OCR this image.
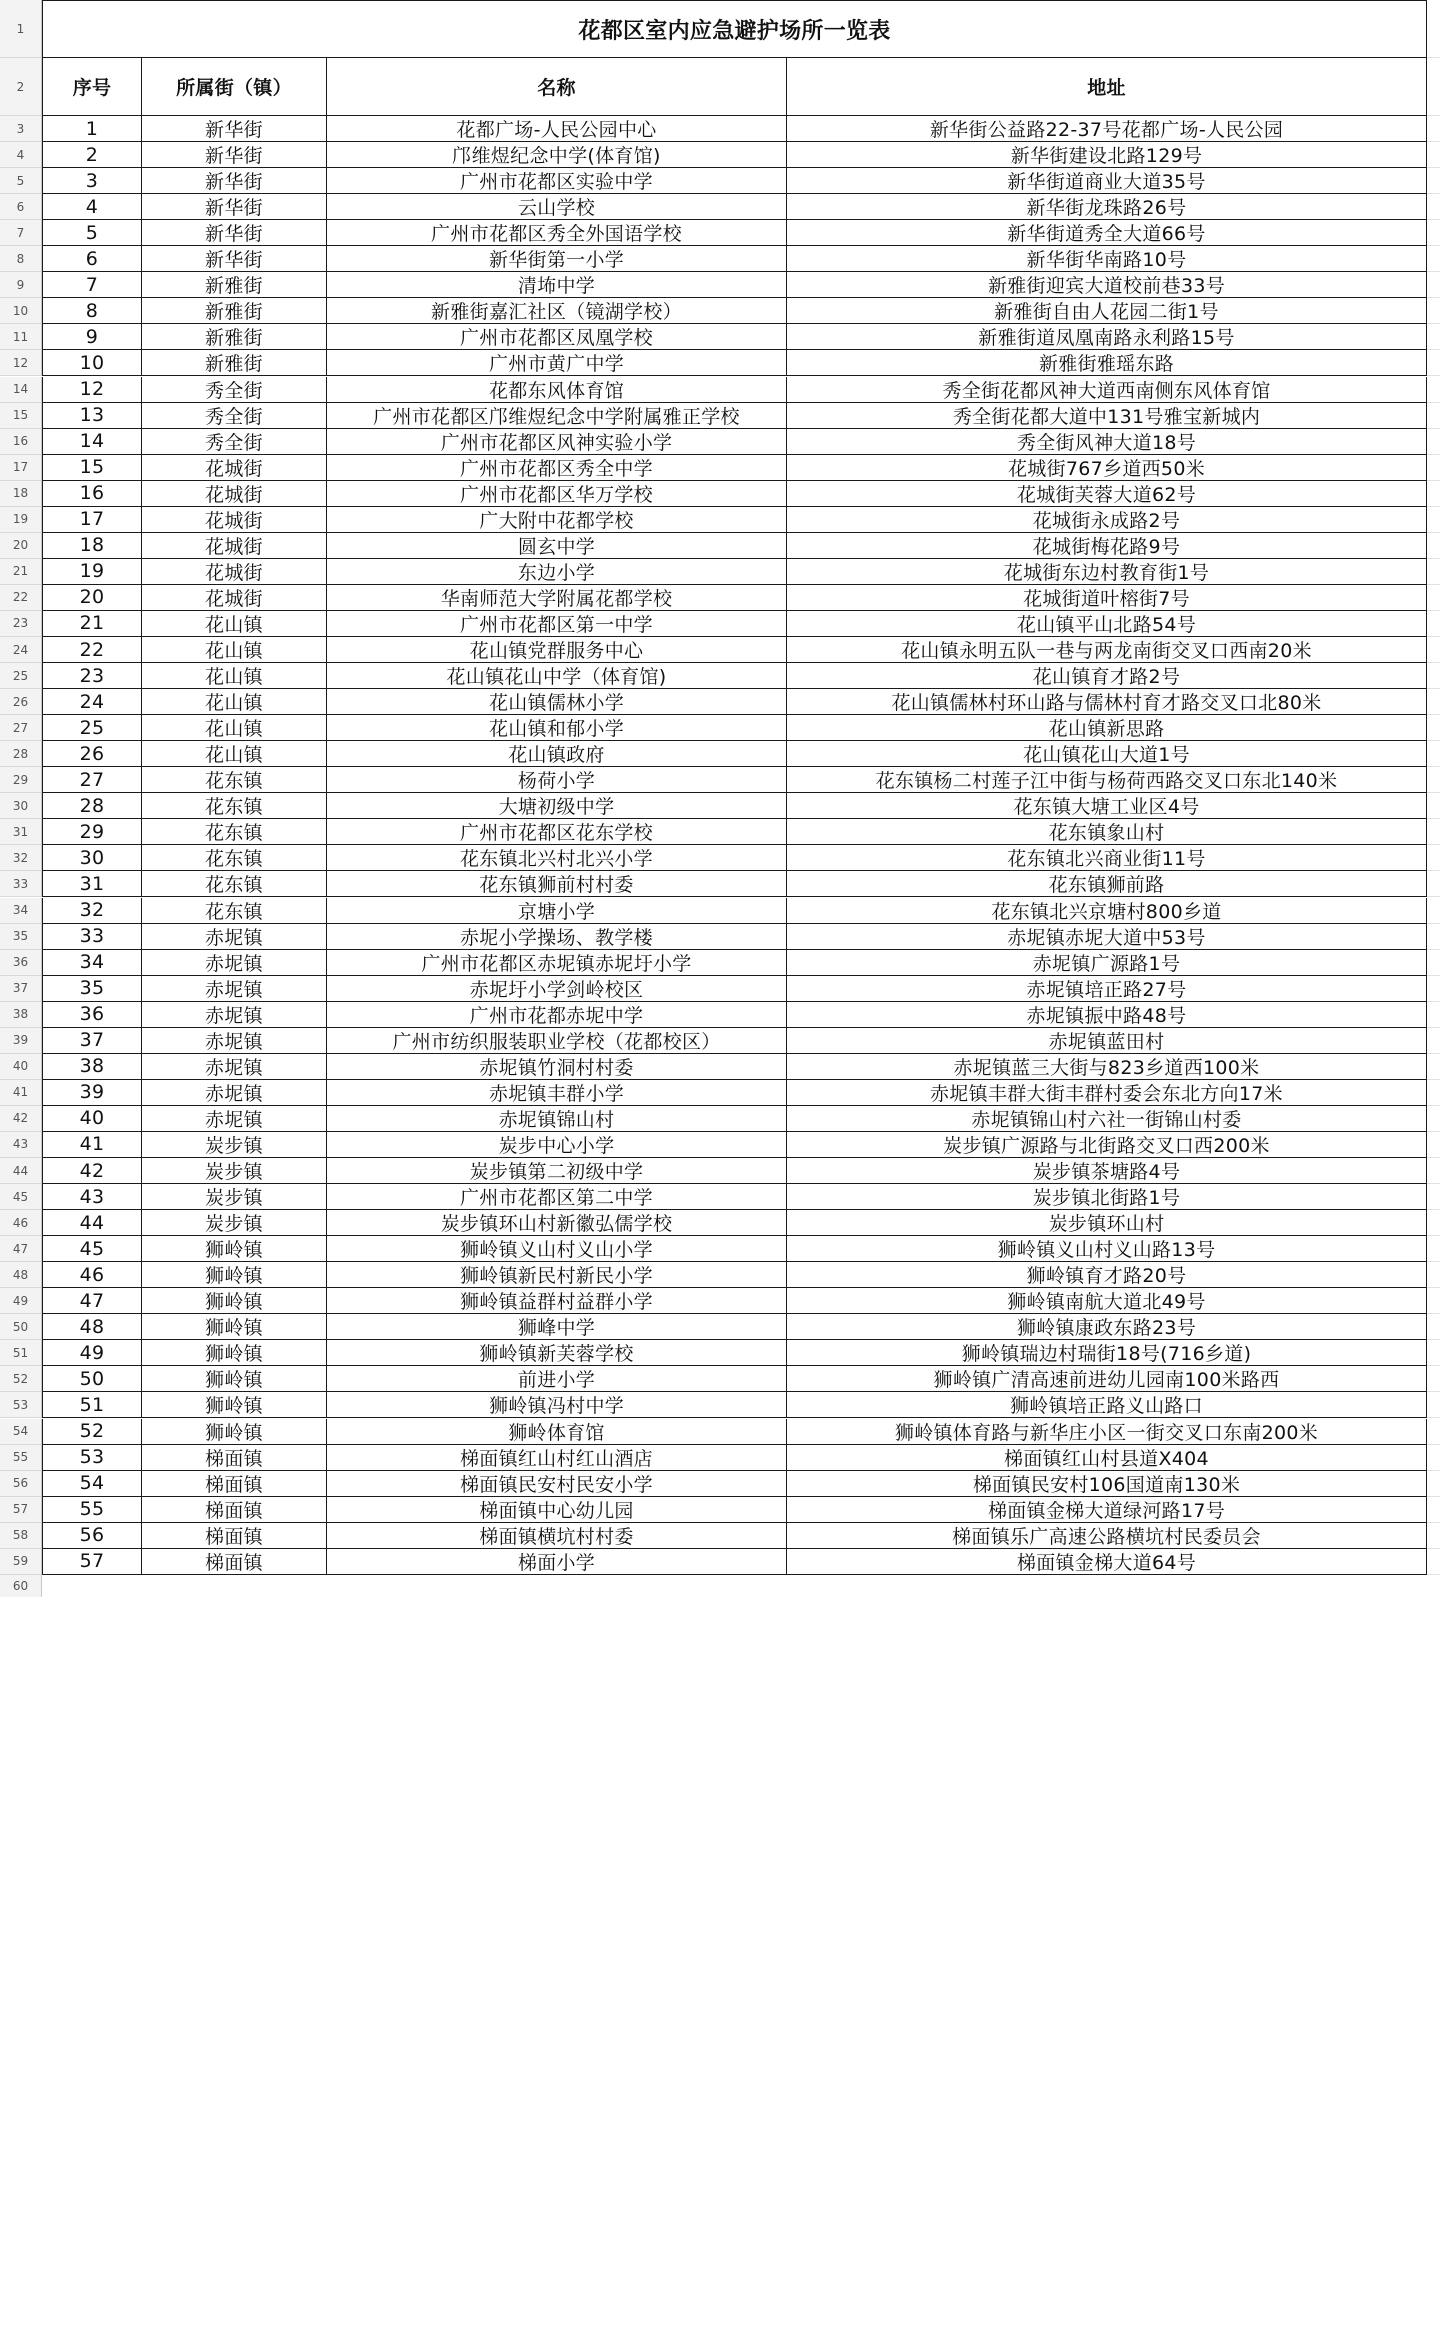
1	花都区室内应急避护场所一览表
2	序号	所属街（镇）	名称	地址
3	1	新华街	花都广场-人民公园中心	新华街公益路22-37号花都广场-人民公园
4	2	新华街	邝维煜纪念中学(体育馆)	新华街建设北路129号
5	3	新华街	广州市花都区实验中学	新华街道商业大道35号
6	4	新华街	云山学校	新华街龙珠路26号
7	5	新华街	广州市花都区秀全外国语学校	新华街道秀全大道66号
8	6	新华街	新华街第一小学	新华街华南路10号
9	7	新雅街	清㘵中学	新雅街迎宾大道校前巷33号
10	8	新雅街	新雅街嘉汇社区（镜湖学校）	新雅街自由人花园二街1号
11	9	新雅街	广州市花都区凤凰学校	新雅街道凤凰南路永利路15号
12	10	新雅街	广州市黄广中学	新雅街雅瑶东路
14	12	秀全街	花都东风体育馆	秀全街花都风神大道西南侧东风体育馆
15	13	秀全街	广州市花都区邝维煜纪念中学附属雅正学校	秀全街花都大道中131号雅宝新城内
16	14	秀全街	广州市花都区风神实验小学	秀全街风神大道18号
17	15	花城街	广州市花都区秀全中学	花城街767乡道西50米
18	16	花城街	广州市花都区华万学校	花城街芙蓉大道62号
19	17	花城街	广大附中花都学校	花城街永成路2号
20	18	花城街	圆玄中学	花城街梅花路9号
21	19	花城街	东边小学	花城街东边村教育街1号
22	20	花城街	华南师范大学附属花都学校	花城街道叶榕街7号
23	21	花山镇	广州市花都区第一中学	花山镇平山北路54号
24	22	花山镇	花山镇党群服务中心	花山镇永明五队一巷与两龙南街交叉口西南20米
25	23	花山镇	花山镇花山中学（体育馆)	花山镇育才路2号
26	24	花山镇	花山镇儒林小学	花山镇儒林村环山路与儒林村育才路交叉口北80米
27	25	花山镇	花山镇和郁小学	花山镇新思路
28	26	花山镇	花山镇政府	花山镇花山大道1号
29	27	花东镇	杨荷小学	花东镇杨二村莲子江中街与杨荷西路交叉口东北140米
30	28	花东镇	大塘初级中学	花东镇大塘工业区4号
31	29	花东镇	广州市花都区花东学校	花东镇象山村
32	30	花东镇	花东镇北兴村北兴小学	花东镇北兴商业街11号
33	31	花东镇	花东镇狮前村村委	花东镇狮前路
34	32	花东镇	京塘小学	花东镇北兴京塘村800乡道
35	33	赤坭镇	赤坭小学操场、教学楼	赤坭镇赤坭大道中53号
36	34	赤坭镇	广州市花都区赤坭镇赤坭圩小学	赤坭镇广源路1号
37	35	赤坭镇	赤坭圩小学剑岭校区	赤坭镇培正路27号
38	36	赤坭镇	广州市花都赤坭中学	赤坭镇振中路48号
39	37	赤坭镇	广州市纺织服装职业学校（花都校区）	赤坭镇蓝田村
40	38	赤坭镇	赤坭镇竹洞村村委	赤坭镇蓝三大街与823乡道西100米
41	39	赤坭镇	赤坭镇丰群小学	赤坭镇丰群大街丰群村委会东北方向17米
42	40	赤坭镇	赤坭镇锦山村	赤坭镇锦山村六社一街锦山村委
43	41	炭步镇	炭步中心小学	炭步镇广源路与北街路交叉口西200米
44	42	炭步镇	炭步镇第二初级中学	炭步镇茶塘路4号
45	43	炭步镇	广州市花都区第二中学	炭步镇北街路1号
46	44	炭步镇	炭步镇环山村新徽弘儒学校	炭步镇环山村
47	45	狮岭镇	狮岭镇义山村义山小学	狮岭镇义山村义山路13号
48	46	狮岭镇	狮岭镇新民村新民小学	狮岭镇育才路20号
49	47	狮岭镇	狮岭镇益群村益群小学	狮岭镇南航大道北49号
50	48	狮岭镇	狮峰中学	狮岭镇康政东路23号
51	49	狮岭镇	狮岭镇新芙蓉学校	狮岭镇瑞边村瑞街18号(716乡道)
52	50	狮岭镇	前进小学	狮岭镇广清高速前进幼儿园南100米路西
53	51	狮岭镇	狮岭镇冯村中学	狮岭镇培正路义山路口
54	52	狮岭镇	狮岭体育馆	狮岭镇体育路与新华庄小区一街交叉口东南200米
55	53	梯面镇	梯面镇红山村红山酒店	梯面镇红山村县道X404
56	54	梯面镇	梯面镇民安村民安小学	梯面镇民安村106国道南130米
57	55	梯面镇	梯面镇中心幼儿园	梯面镇金梯大道绿河路17号
58	56	梯面镇	梯面镇横坑村村委	梯面镇乐广高速公路横坑村民委员会
59	57	梯面镇	梯面小学	梯面镇金梯大道64号
60
